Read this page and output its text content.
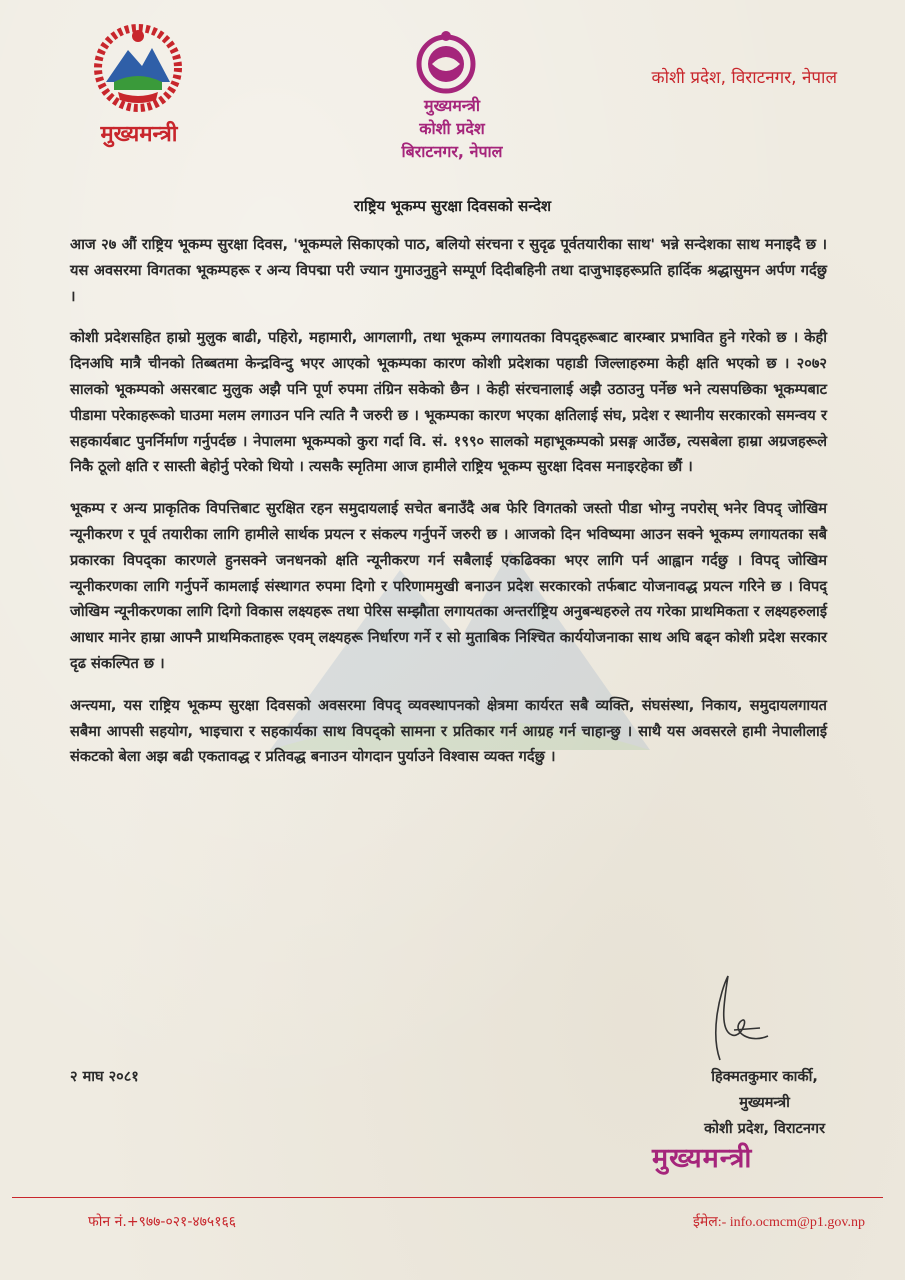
मुख्यमन्त्री
मुख्यमन्त्री
कोशी प्रदेश
बिराटनगर, नेपाल
कोशी प्रदेश, विराटनगर, नेपाल
राष्ट्रिय भूकम्प सुरक्षा दिवसको सन्देश

आज २७ औं राष्ट्रिय भूकम्प सुरक्षा दिवस, 'भूकम्पले सिकाएको पाठ, बलियो संरचना र सुदृढ पूर्वतयारीका साथ' भन्ने सन्देशका साथ मनाइदै छ । यस अवसरमा विगतका भूकम्पहरू र अन्य विपद्मा परी ज्यान गुमाउनुहुने सम्पूर्ण दिदीबहिनी तथा दाजुभाइहरूप्रति हार्दिक श्रद्धासुमन अर्पण गर्दछु ।

कोशी प्रदेशसहित हाम्रो मुलुक बाढी, पहिरो, महामारी, आगलागी, तथा भूकम्प लगायतका विपद्हरूबाट बारम्बार प्रभावित हुने गरेको छ । केही दिनअघि मात्रै चीनको तिब्बतमा केन्द्रविन्दु भएर आएको भूकम्पका कारण कोशी प्रदेशका पहाडी जिल्लाहरुमा केही क्षति भएको छ । २०७२ सालको भूकम्पको असरबाट मुलुक अझै पनि पूर्ण रुपमा तंग्रिन सकेको छैन । केही संरचनालाई अझै उठाउनु पर्नेछ भने त्यसपछिका भूकम्पबाट पीडामा परेकाहरूको घाउमा मलम लगाउन पनि त्यति नै जरुरी छ । भूकम्पका कारण भएका क्षतिलाई संघ, प्रदेश र स्थानीय सरकारको समन्वय र सहकार्यबाट पुनर्निर्माण गर्नुपर्दछ । नेपालमा भूकम्पको कुरा गर्दा वि. सं. १९९० सालको महाभूकम्पको प्रसङ्ग आउँछ, त्यसबेला हाम्रा अग्रजहरूले निकै ठूलो क्षति र सास्ती बेहोर्नु परेको थियो । त्यसकै स्मृतिमा आज हामीले राष्ट्रिय भूकम्प सुरक्षा दिवस मनाइरहेका छौं ।

भूकम्प र अन्य प्राकृतिक विपत्तिबाट सुरक्षित रहन समुदायलाई सचेत बनाउँदै अब फेरि विगतको जस्तो पीडा भोग्नु नपरोस् भनेर विपद् जोखिम न्यूनीकरण र पूर्व तयारीका लागि हामीले सार्थक प्रयत्न र संकल्प गर्नुपर्ने जरुरी छ । आजको दिन भविष्यमा आउन सक्ने भूकम्प लगायतका सबै प्रकारका विपद्का कारणले हुनसक्ने जनधनको क्षति न्यूनीकरण गर्न सबैलाई एकढिक्का भएर लागि पर्न आह्वान गर्दछु । विपद् जोखिम न्यूनीकरणका लागि गर्नुपर्ने कामलाई संस्थागत रुपमा दिगो र परिणाममुखी बनाउन प्रदेश सरकारको तर्फबाट योजनावद्ध प्रयत्न गरिने छ । विपद् जोखिम न्यूनीकरणका लागि दिगो विकास लक्ष्यहरू तथा पेरिस सम्झौता लगायतका अन्तर्राष्ट्रिय अनुबन्धहरुले तय गरेका प्राथमिकता र लक्ष्यहरुलाई आधार मानेर हाम्रा आफ्नै प्राथमिकताहरू एवम् लक्ष्यहरू निर्धारण गर्ने र सो मुताबिक निश्चित कार्ययोजनाका साथ अघि बढ्न कोशी प्रदेश सरकार दृढ संकल्पित छ ।

अन्त्यमा, यस राष्ट्रिय भूकम्प सुरक्षा दिवसको अवसरमा विपद् व्यवस्थापनको क्षेत्रमा कार्यरत सबै व्यक्ति, संघसंस्था, निकाय, समुदायलगायत सबैमा आपसी सहयोग, भाइचारा र सहकार्यका साथ विपद्को सामना र प्रतिकार गर्न आग्रह गर्न चाहान्छु । साथै यस अवसरले हामी नेपालीलाई संकटको बेला अझ बढी एकतावद्ध र प्रतिवद्ध बनाउन योगदान पुर्याउने विश्वास व्यक्त गर्दछु ।

२ माघ २०८१	हिक्मतकुमार कार्की,
मुख्यमन्त्री
कोशी प्रदेश, विराटनगर
मुख्यमन्त्री
फोन नं.+९७७-०२१-४७५१६६	ईमेल:- info.ocmcm@p1.gov.np
